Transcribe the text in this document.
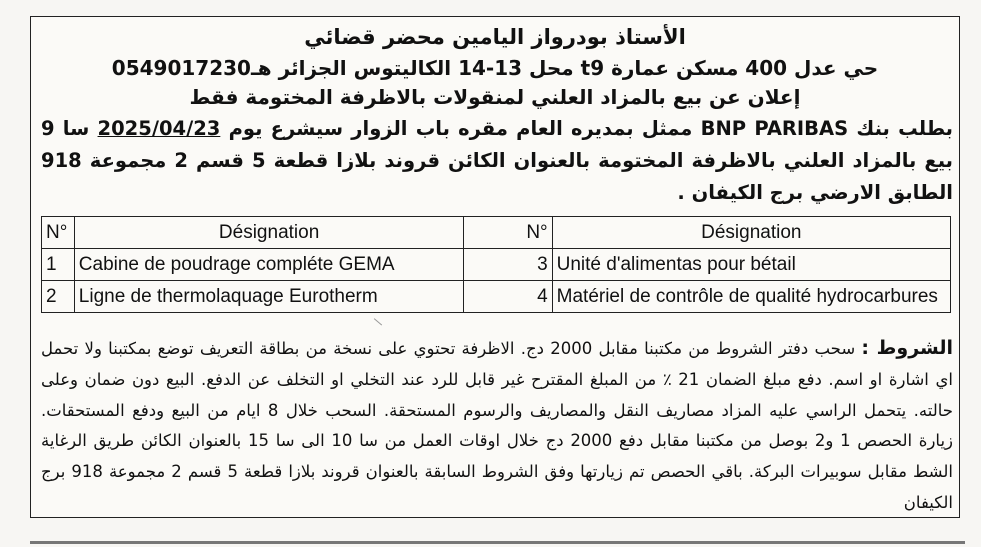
الأستاذ بودرواز اليامين محضر قضائي
حي عدل 400 مسكن عمارة t9 محل 13-14 الكاليتوس الجزائر هـ0549017230
إعلان عن بيع بالمزاد العلني لمنقولات بالاظرفة المختومة فقط
بطلب بنك BNP PARIBAS ممثل بمديره العام مقره باب الزوار سيشرع يوم 2025/04/23 سا 9 بيع بالمزاد العلني بالاظرفة المختومة بالعنوان الكائن قروند بلازا قطعة 5 قسم 2 مجموعة 918 الطابق الارضي برج الكيفان .
N°	Désignation	N°	Désignation
1	Cabine de poudrage compléte GEMA	3	Unité d'alimentas pour bétail
2	Ligne de thermolaquage Eurotherm	4	Matériel de contrôle de qualité hydrocarbures
الشروط : سحب دفتر الشروط من مكتبنا مقابل 2000 دج. الاظرفة تحتوي على نسخة من بطاقة التعريف توضع بمكتبنا ولا تحمل اي اشارة او اسم. دفع مبلغ الضمان 21 ٪ من المبلغ المقترح غير قابل للرد عند التخلي او التخلف عن الدفع. البيع دون ضمان وعلى حالته. يتحمل الراسي عليه المزاد مصاريف النقل والمصاريف والرسوم المستحقة. السحب خلال 8 ايام من البيع ودفع المستحقات. زيارة الحصص 1 و2 بوصل من مكتبنا مقابل دفع 2000 دج خلال اوقات العمل من سا 10 الى سا 15 بالعنوان الكائن طريق الرغاية الشط مقابل سوبيرات البركة. باقي الحصص تم زيارتها وفق الشروط السابقة بالعنوان قروند بلازا قطعة 5 قسم 2 مجموعة 918 برج الكيفان
